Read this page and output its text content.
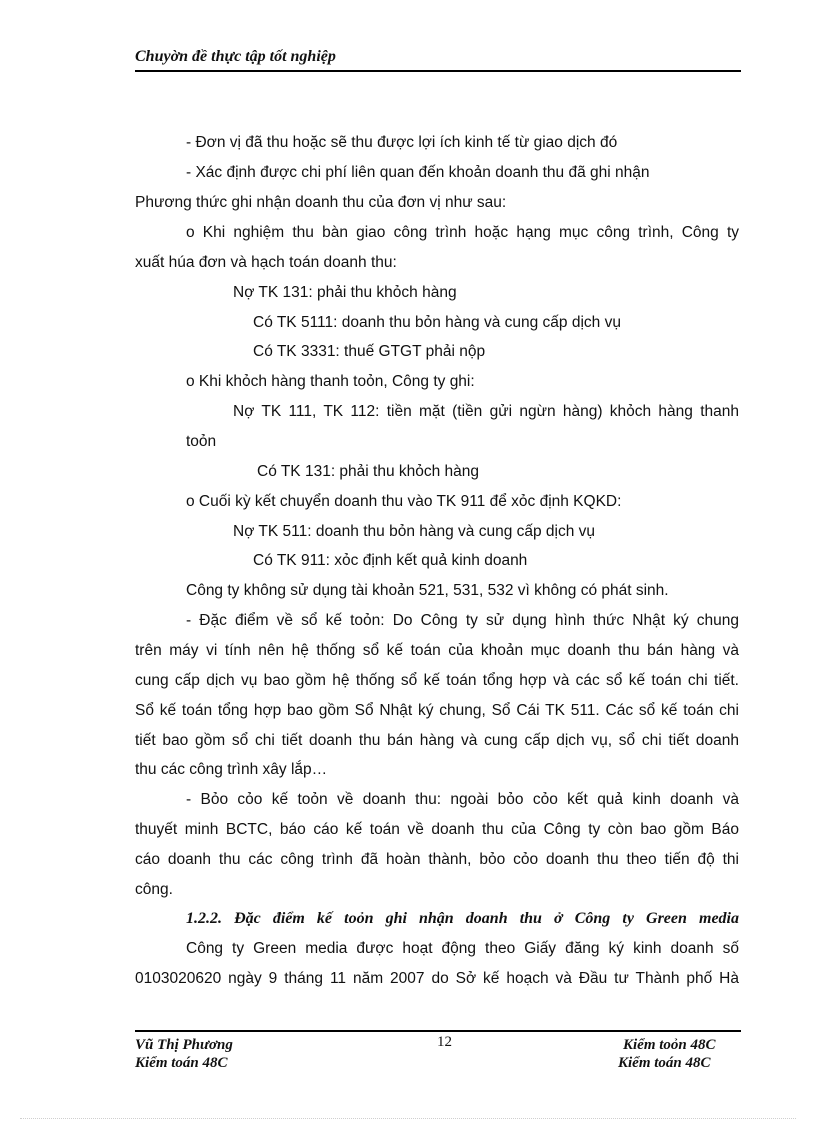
Chuyờn đề thực tập tốt nghiệp
- Đơn vị đã thu hoặc sẽ thu được lợi ích kinh tế từ giao dịch đó
- Xác định được chi phí liên quan đến khoản doanh thu đã ghi nhận
Phương thức ghi nhận doanh thu của đơn vị như sau:
o Khi nghiệm thu bàn giao công trình hoặc hạng mục công trình, Công ty
xuất húa đơn và hạch toán doanh thu:
Nợ TK 131: phải thu khỏch hàng
Có TK 5111: doanh thu bỏn hàng và cung cấp dịch vụ
Có TK 3331: thuế GTGT phải nộp
o Khi khỏch hàng thanh toỏn, Công ty ghi:
Nợ TK 111, TK 112: tiền mặt (tiền gửi ngừn hàng) khỏch hàng thanh
toỏn
Có TK 131: phải thu khỏch hàng
o Cuối kỳ kết chuyển doanh thu vào TK 911 để xỏc định KQKD:
Nợ TK 511: doanh thu bỏn hàng và cung cấp dịch vụ
Có TK 911: xỏc định kết quả kinh doanh
Công ty không sử dụng tài khoản 521, 531, 532 vì không có phát sinh.
- Đặc điểm về sổ kế toỏn: Do Công ty sử dụng hình thức Nhật ký chung
trên máy vi tính nên hệ thống sổ kế toán của khoản mục doanh thu bán hàng và
cung cấp dịch vụ bao gồm hệ thống sổ kế toán tổng hợp và các sổ kế toán chi tiết.
Sổ kế toán tổng hợp bao gồm Sổ Nhật ký chung, Sổ Cái TK 511. Các sổ kế toán chi
tiết bao gồm sổ chi tiết doanh thu bán hàng và cung cấp dịch vụ, sổ chi tiết doanh
thu các công trình xây lắp…
- Bỏo cỏo kế toỏn về doanh thu: ngoài bỏo cỏo kết quả kinh doanh và
thuyết minh BCTC, báo cáo kế toán về doanh thu của Công ty còn bao gồm Báo
cáo doanh thu các công trình đã hoàn thành, bỏo cỏo doanh thu theo tiến độ thi
công.
1.2.2. Đặc điểm kế toỏn ghi nhận doanh thu ở Công ty Green media
Công ty Green media được hoạt động theo Giấy đăng ký kinh doanh số
0103020620 ngày 9 tháng 11 năm 2007 do Sở kế hoạch và Đầu tư Thành phố Hà
Vũ Thị Phương
Kiểm toán 48C
12	Kiểm toỏn 48C
Kiểm toán 48C
